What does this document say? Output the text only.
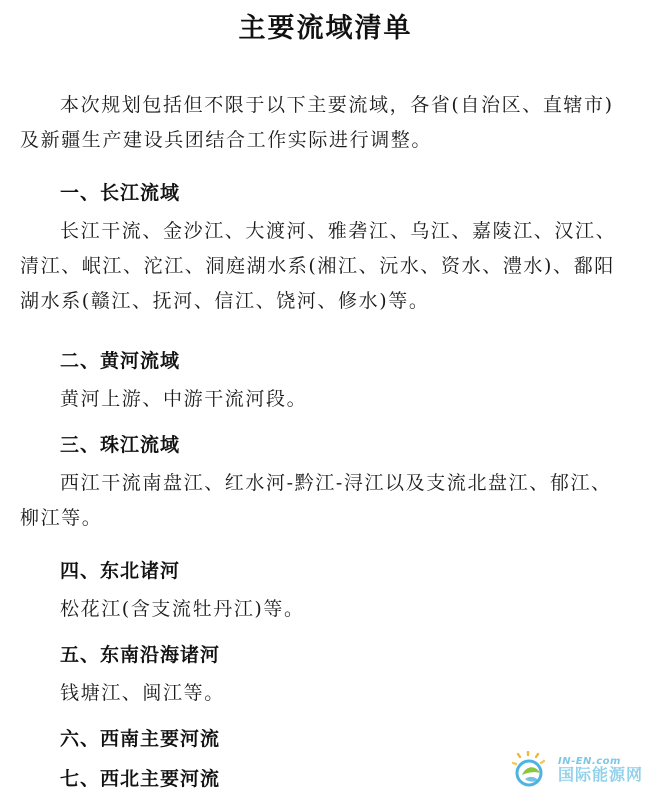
主要流域清单
本次规划包括但不限于以下主要流域，各省(自治区、直辖市)及新疆生产建设兵团结合工作实际进行调整。
一、长江流域
长江干流、金沙江、大渡河、雅砻江、乌江、嘉陵江、汉江、清江、岷江、沱江、洞庭湖水系(湘江、沅水、资水、澧水)、鄱阳湖水系(赣江、抚河、信江、饶河、修水)等。
二、黄河流域
黄河上游、中游干流河段。
三、珠江流域
西江干流南盘江、红水河-黔江-浔江以及支流北盘江、郁江、柳江等。
四、东北诸河
松花江(含支流牡丹江)等。
五、东南沿海诸河
钱塘江、闽江等。
六、西南主要河流
七、西北主要河流
IN-EN.com
国际能源网
